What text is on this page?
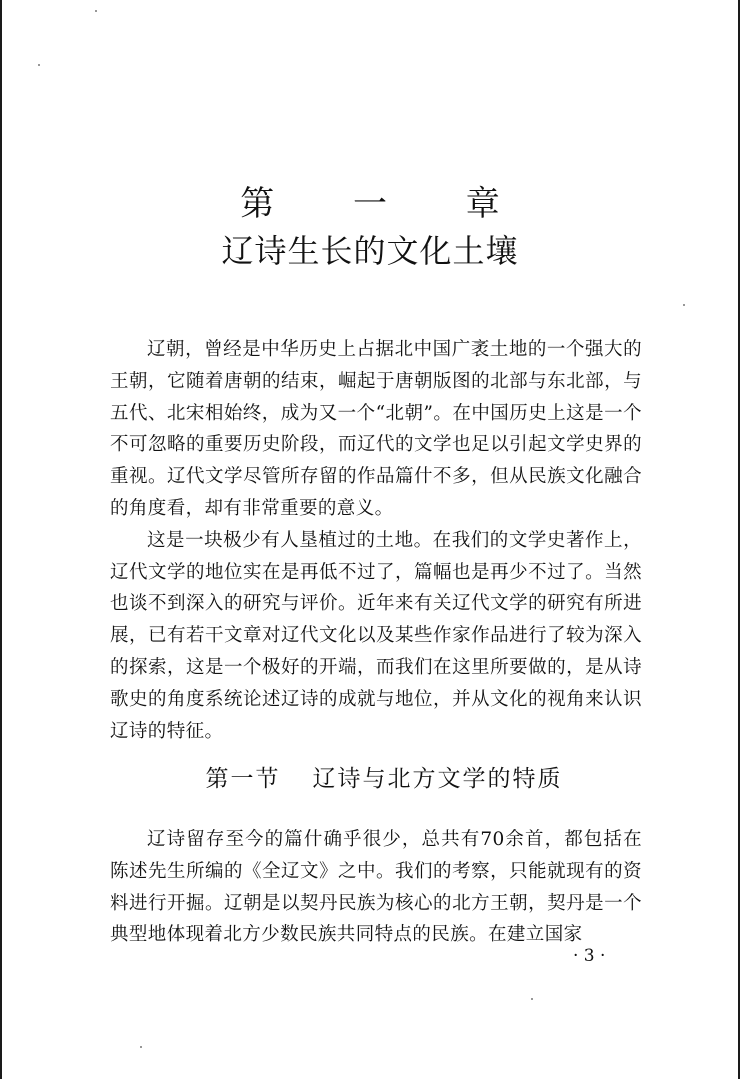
第 一 章
辽诗生长的文化土壤

辽朝，曾经是中华历史上占据北中国广袤土地的一个强大的王朝，它随着唐朝的结束，崛起于唐朝版图的北部与东北部，与五代、北宋相始终，成为又一个“北朝”。在中国历史上这是一个不可忽略的重要历史阶段，而辽代的文学也足以引起文学史界的重视。辽代文学尽管所存留的作品篇什不多，但从民族文化融合的角度看，却有非常重要的意义。

这是一块极少有人垦植过的土地。在我们的文学史著作上，辽代文学的地位实在是再低不过了，篇幅也是再少不过了。当然也谈不到深入的研究与评价。近年来有关辽代文学的研究有所进展，已有若干文章对辽代文化以及某些作家作品进行了较为深入的探索，这是一个极好的开端，而我们在这里所要做的，是从诗歌史的角度系统论述辽诗的成就与地位，并从文化的视角来认识辽诗的特征。

第一节 辽诗与北方文学的特质

辽诗留存至今的篇什确乎很少，总共有70余首，都包括在陈述先生所编的《全辽文》之中。我们的考察，只能就现有的资料进行开掘。辽朝是以契丹民族为核心的北方王朝，契丹是一个典型地体现着北方少数民族共同特点的民族。在建立国家

· 3 ·
